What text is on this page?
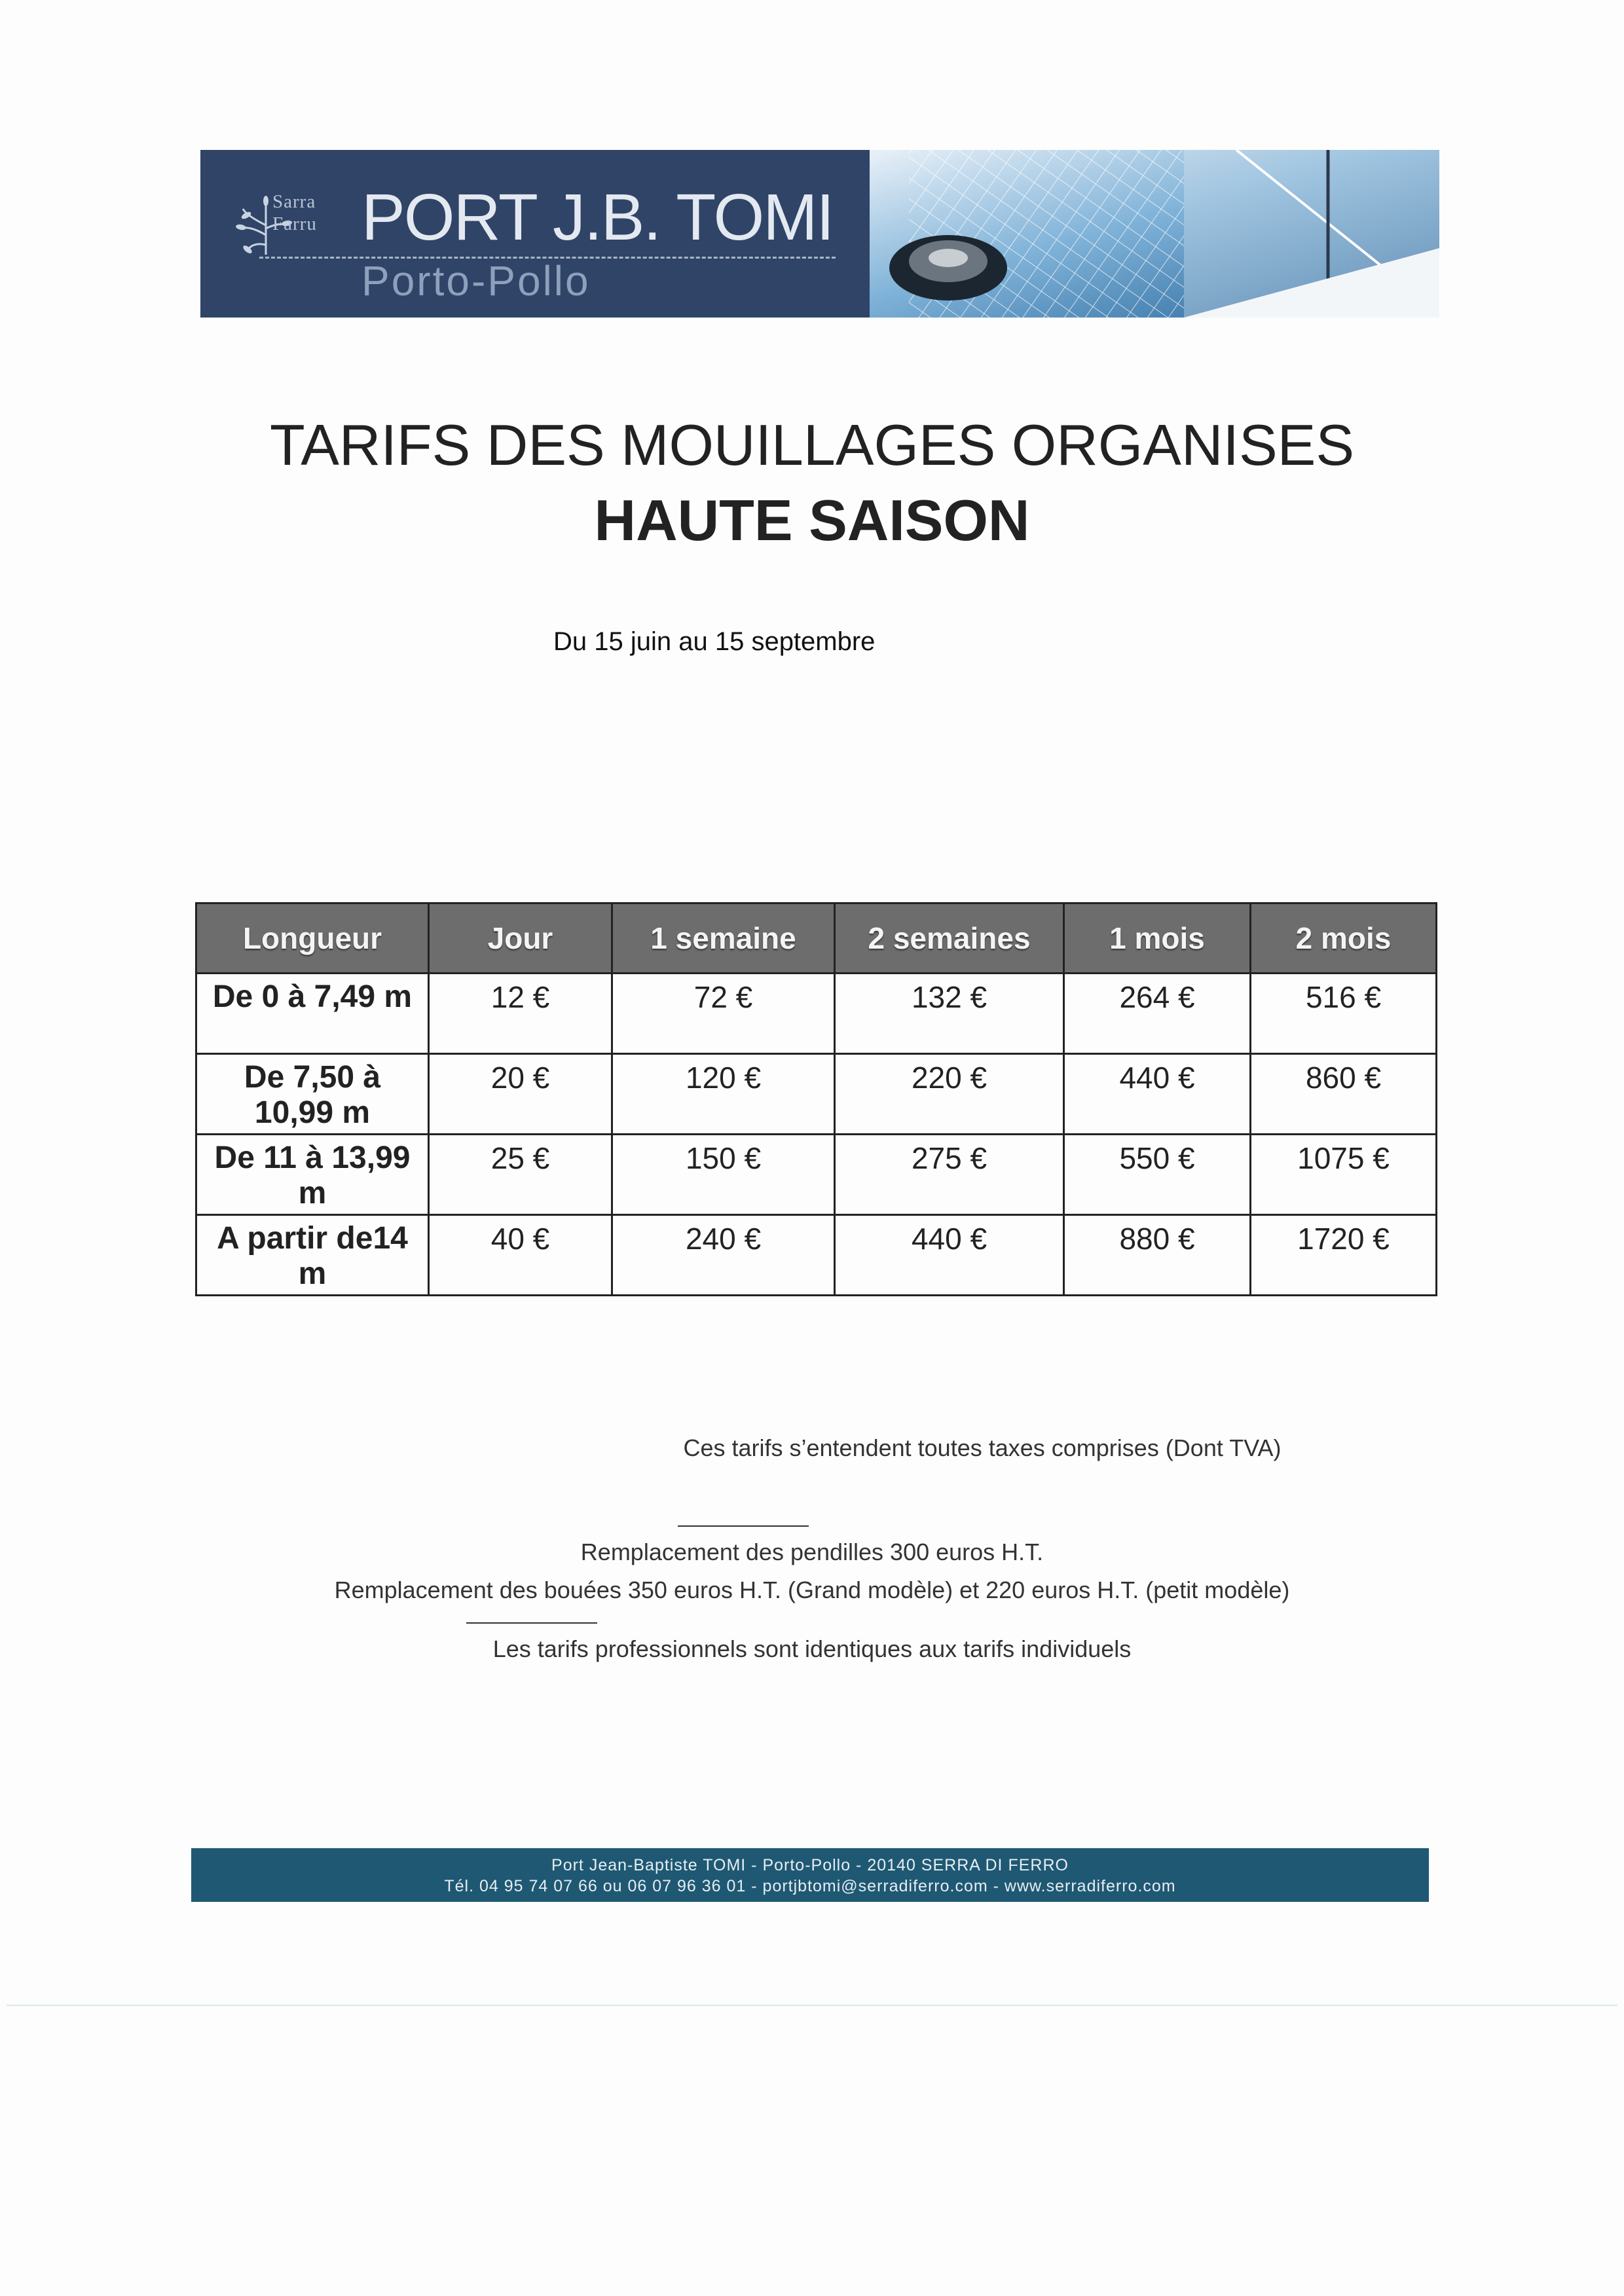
Sarra
Farru PORT J.B. TOMI
Porto-Pollo
TARIFS DES MOUILLAGES ORGANISES
HAUTE SAISON
Du 15 juin au 15 septembre
Longueur	Jour	1 semaine	2 semaines	1 mois	2 mois
De 0 à 7,49 m	12 €	72 €	132 €	264 €	516 €
De 7,50 à 10,99 m	20 €	120 €	220 €	440 €	860 €
De 11 à 13,99 m	25 €	150 €	275 €	550 €	1075 €
A partir de14 m	40 €	240 €	440 €	880 €	1720 €
Ces tarifs s’entendent toutes taxes comprises (Dont TVA)
Remplacement des pendilles 300 euros H.T.
Remplacement des bouées 350 euros H.T. (Grand modèle) et 220 euros H.T. (petit modèle)
Les tarifs professionnels sont identiques aux tarifs individuels
Port Jean-Baptiste TOMI - Porto-Pollo - 20140 SERRA DI FERRO
Tél. 04 95 74 07 66 ou 06 07 96 36 01 - portjbtomi@serradiferro.com - www.serradiferro.com
